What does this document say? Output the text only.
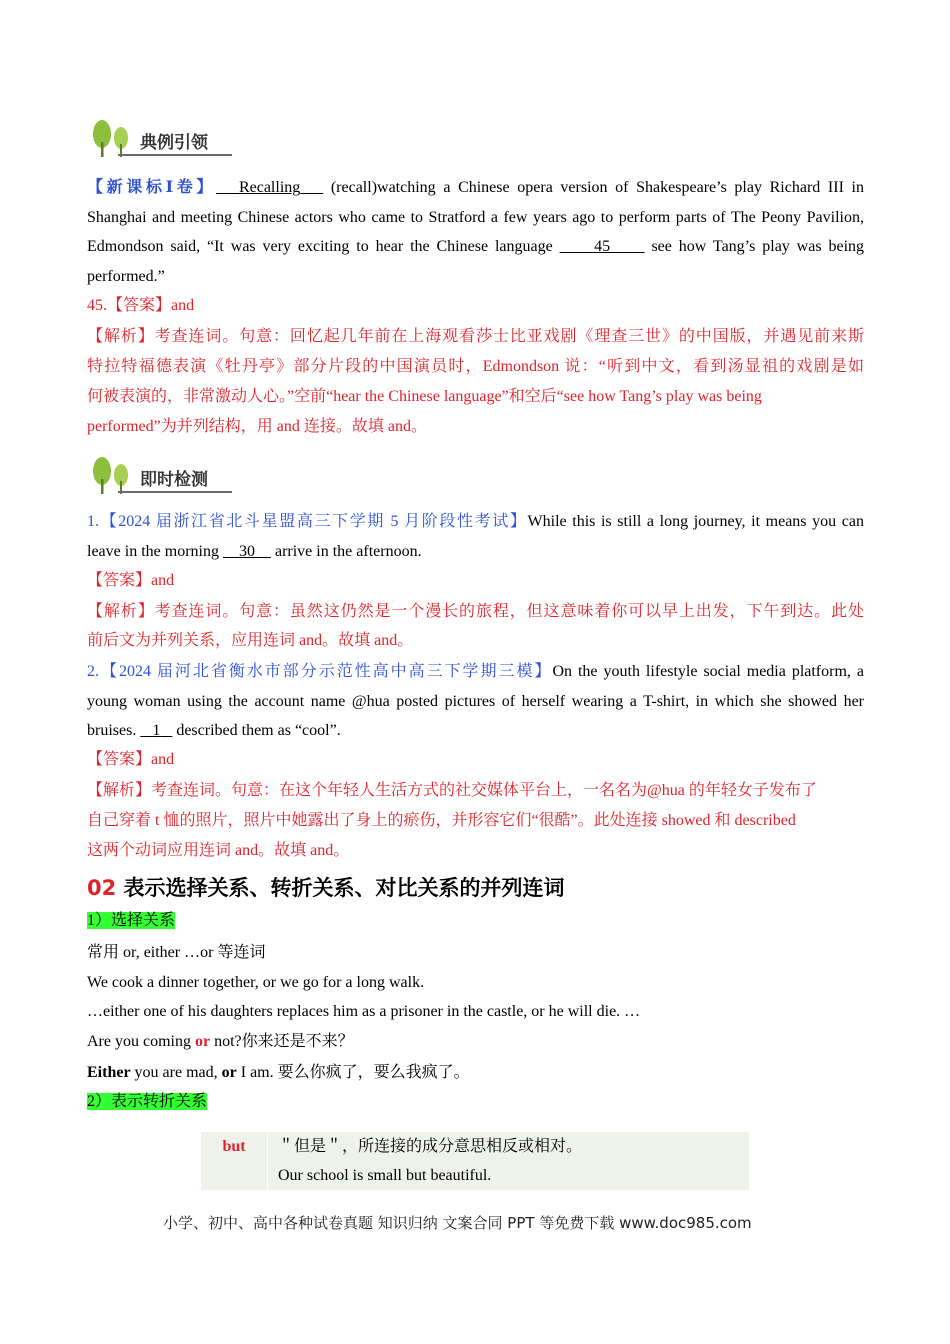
典例引领
【新课标Ⅰ卷】 Recalling    (recall)watching a Chinese opera version of Shakespeare’s play Richard III in
Shanghai and meeting Chinese actors who came to Stratford a few years ago to perform parts of The Peony Pavilion,
Edmondson said, “It was very exciting to hear the Chinese language      45      see how Tang’s play was being
performed.”
45.【答案】and
【解析】考查连词。句意：回忆起几年前在上海观看莎士比亚戏剧《理查三世》的中国版，并遇见前来斯
特拉特福德表演《牡丹亭》部分片段的中国演员时，Edmondson 说：“听到中文，看到汤显祖的戏剧是如
何被表演的，非常激动人心。”空前“hear the Chinese language”和空后“see how Tang’s play was being
performed”为并列结构，用 and 连接。故填 and。
即时检测
1.【2024 届浙江省北斗星盟高三下学期 5 月阶段性考试】While this is still a long journey, it means you can
leave in the morning     30     arrive in the afternoon.
【答案】and
【解析】考查连词。句意：虽然这仍然是一个漫长的旅程，但这意味着你可以早上出发，下午到达。此处
前后文为并列关系，应用连词 and。故填 and。
2.【2024 届河北省衡水市部分示范性高中高三下学期三模】On the youth lifestyle social media platform, a
young woman using the account name @hua posted pictures of herself wearing a T-shirt, in which she showed her
bruises.    1    described them as “cool”.
【答案】and
【解析】考查连词。句意：在这个年轻人生活方式的社交媒体平台上，一名名为@hua 的年轻女子发布了
自己穿着 t 恤的照片，照片中她露出了身上的瘀伤，并形容它们“很酷”。此处连接 showed 和 described
这两个动词应用连词 and。故填 and。
02 表示选择关系、转折关系、对比关系的并列连词
1）选择关系
常用 or, either …or 等连词
We cook a dinner together, or we go for a long walk.
…either one of his daughters replaces him as a prisoner in the castle, or he will die. …
Are you coming or not?你来还是不来？
Either you are mad, or I am. 要么你疯了，要么我疯了。
2）表示转折关系
but	＂但是＂，所连接的成分意思相反或相对。
Our school is small but beautiful.
小学、初中、高中各种试卷真题 知识归纳 文案合同 PPT 等免费下载 www.doc985.com
